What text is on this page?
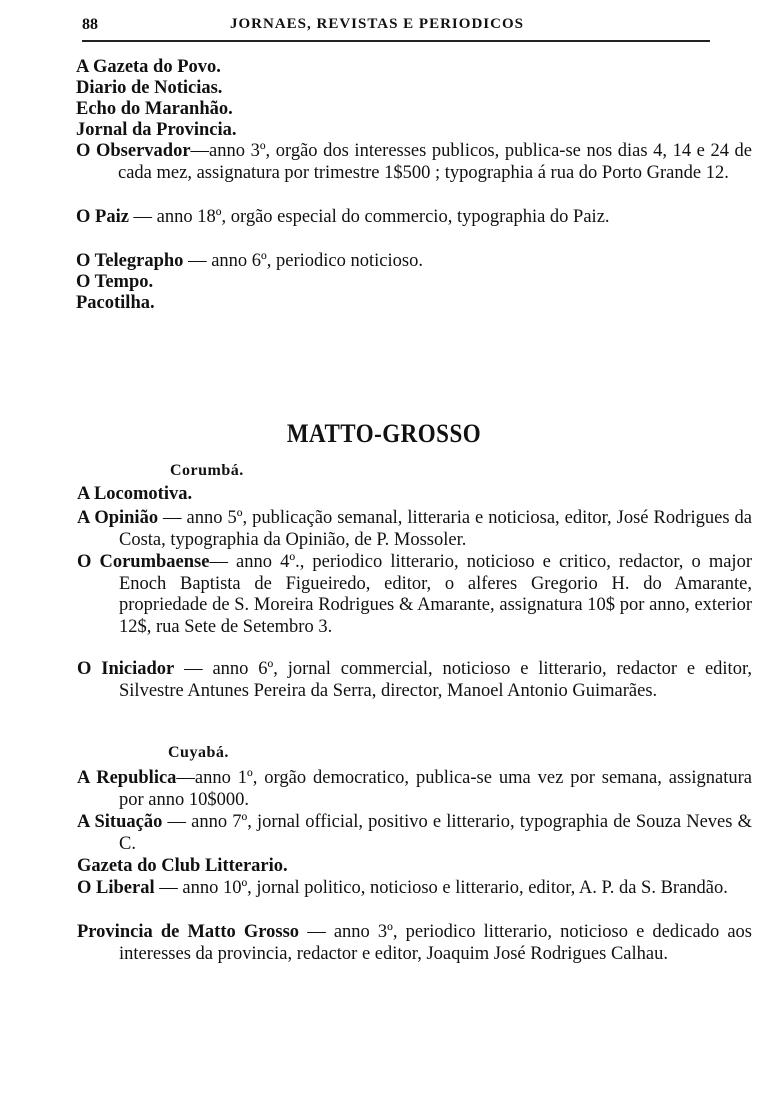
88	JORNAES, REVISTAS E PERIODICOS
A Gazeta do Povo.
Diario de Noticias.
Echo do Maranhão.
Jornal da Provincia.
O Observador—anno 3º, orgão dos interesses publicos, publica-se nos dias 4, 14 e 24 de cada mez, assignatura por trimestre 1$500 ; typographia á rua do Porto Grande 12.
O Paiz — anno 18º, orgão especial do commercio, typographia do Paiz.
O Telegrapho — anno 6º, periodico noticioso.
O Tempo.
Pacotilha.
MATTO-GROSSO
Corumbá.
A Locomotiva.
A Opinião — anno 5º, publicação semanal, litteraria e noticiosa, editor, José Rodrigues da Costa, typographia da Opinião, de P. Mossoler.
O Corumbaense— anno 4º., periodico litterario, noticioso e critico, redactor, o major Enoch Baptista de Figueiredo, editor, o alferes Gregorio H. do Amarante, propriedade de S. Moreira Rodrigues & Amarante, assignatura 10$ por anno, exterior 12$, rua Sete de Setembro 3.
O Iniciador — anno 6º, jornal commercial, noticioso e litterario, redactor e editor, Silvestre Antunes Pereira da Serra, director, Manoel Antonio Guimarães.
Cuyabá.
A Republica—anno 1º, orgão democratico, publica-se uma vez por semana, assignatura por anno 10$000.
A Situação — anno 7º, jornal official, positivo e litterario, typographia de Souza Neves & C.
Gazeta do Club Litterario.
O Liberal — anno 10º, jornal politico, noticioso e litterario, editor, A. P. da S. Brandão.
Provincia de Matto Grosso — anno 3º, periodico litterario, noticioso e dedicado aos interesses da provincia, redactor e editor, Joaquim José Rodrigues Calhau.
